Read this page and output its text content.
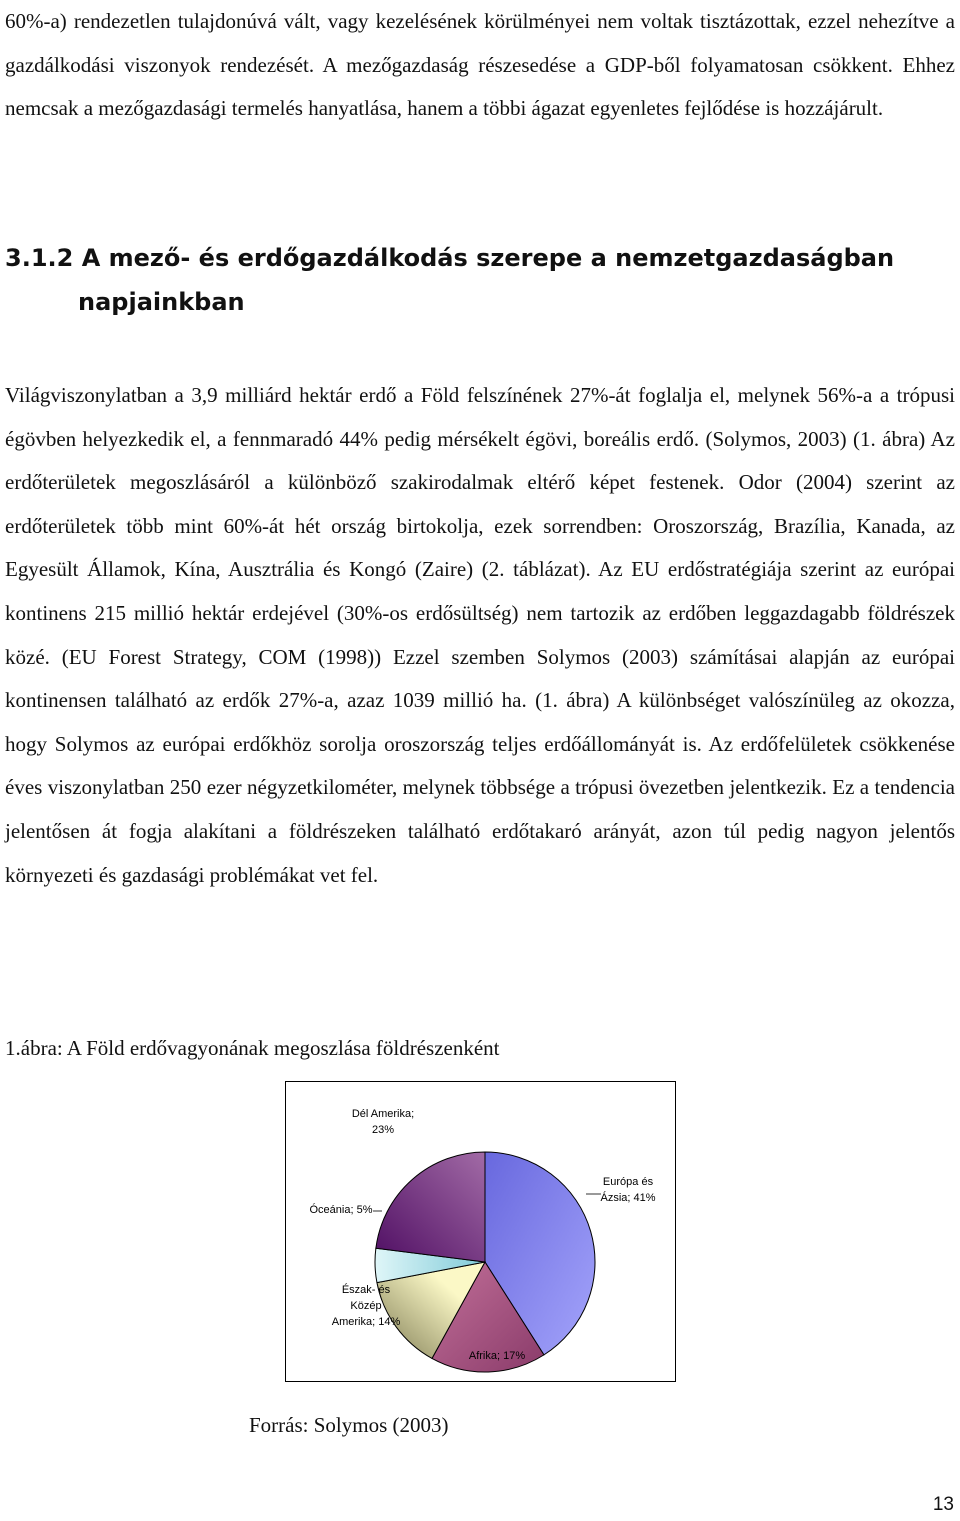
60%-a) rendezetlen tulajdonúvá vált, vagy kezelésének körülményei nem voltak tisztázottak, ezzel nehezítve a gazdálkodási viszonyok rendezését. A mezőgazdaság részesedése a GDP-ből folyamatosan csökkent. Ehhez nemcsak a mezőgazdasági termelés hanyatlása, hanem a többi ágazat egyenletes fejlődése is hozzájárult.

3.1.2 A mező- és erdőgazdálkodás szerepe a nemzetgazdaságban
napjainkban

Világviszonylatban a 3,9 milliárd hektár erdő a Föld felszínének 27%-át foglalja el, melynek 56%-a a trópusi égövben helyezkedik el, a fennmaradó 44% pedig mérsékelt égövi, boreális erdő. (Solymos, 2003) (1. ábra) Az erdőterületek megoszlásáról a különböző szakirodalmak eltérő képet festenek. Odor (2004) szerint az erdőterületek több mint 60%-át hét ország birtokolja, ezek sorrendben: Oroszország, Brazília, Kanada, az Egyesült Államok, Kína, Ausztrália és Kongó (Zaire) (2. táblázat). Az EU erdőstratégiája szerint az európai kontinens 215 millió hektár erdejével (30%-os erdősültség) nem tartozik az erdőben leggazdagabb földrészek közé. (EU Forest Strategy, COM (1998)) Ezzel szemben Solymos (2003) számításai alapján az európai kontinensen található az erdők 27%-a, azaz 1039 millió ha. (1. ábra) A különbséget valószínüleg az okozza, hogy Solymos az európai erdőkhöz sorolja oroszország teljes erdőállományát is. Az erdőfelületek csökkenése éves viszonylatban 250 ezer négyzetkilométer, melynek többsége a trópusi övezetben jelentkezik. Ez a tendencia jelentősen át fogja alakítani a földrészeken található erdőtakaró arányát, azon túl pedig nagyon jelentős környezeti és gazdasági problémákat vet fel.

1.ábra: A Föld erdővagyonának megoszlása földrészenként

Európa és Ázsia; 41%
Afrika; 17%
Észak- és Közép Amerika; 14%
Óceánia; 5%
Dél Amerika; 23%

Forrás: Solymos (2003)

13
